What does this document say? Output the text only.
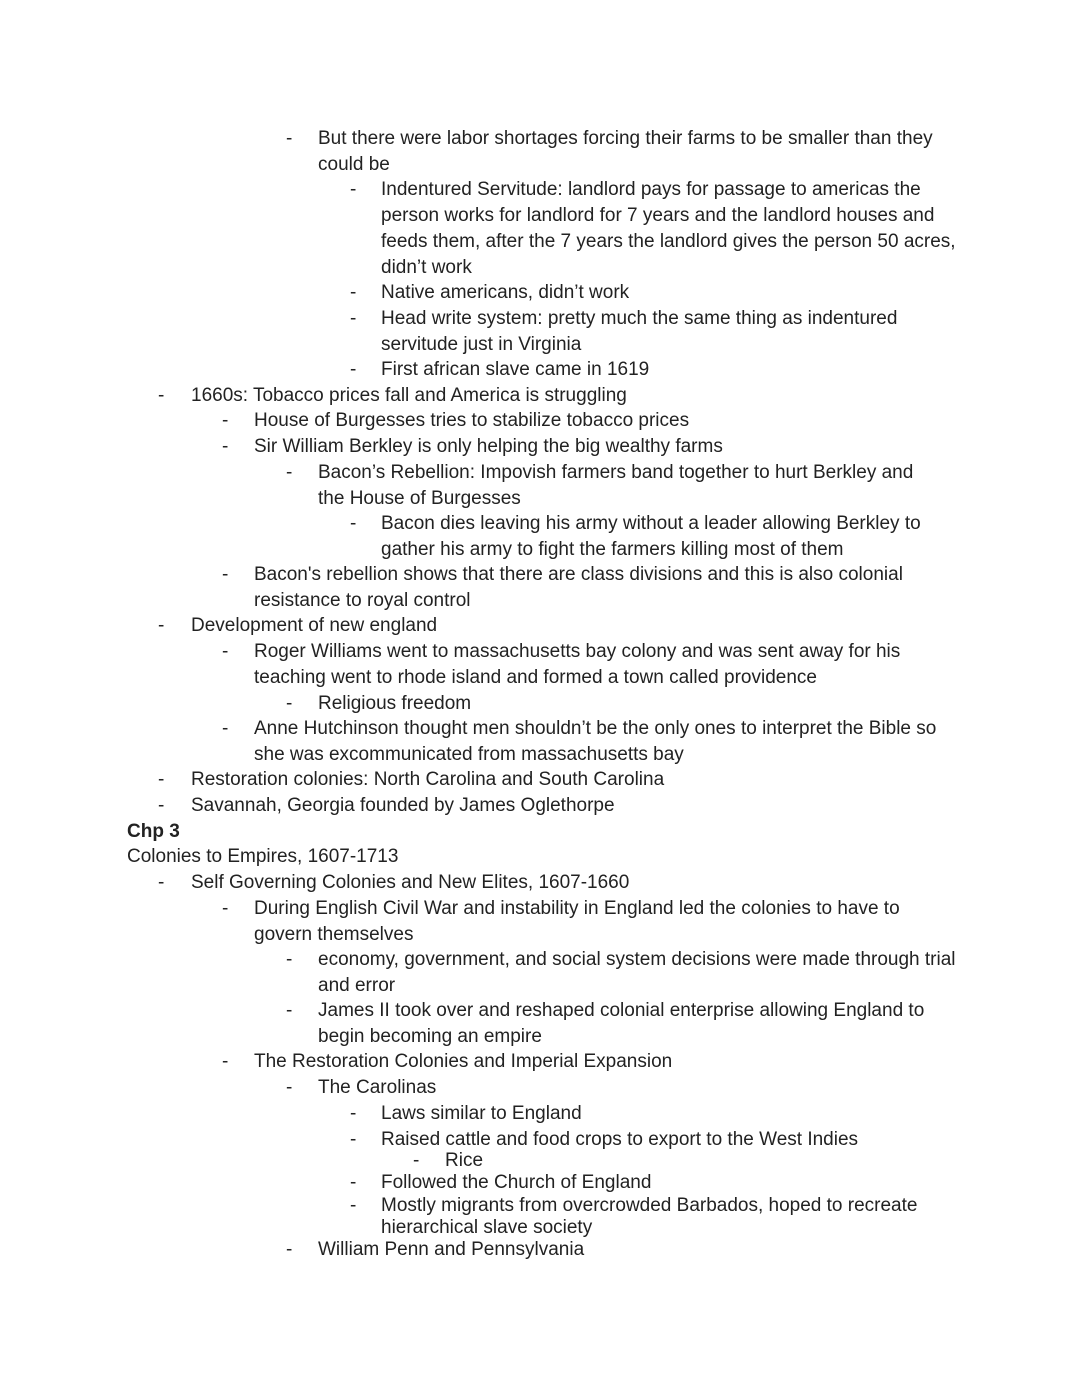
- But there were labor shortages forcing their farms to be smaller than they could be

- Indentured Servitude: landlord pays for passage to americas the person works for landlord for 7 years and the landlord houses and feeds them, after the 7 years the landlord gives the person 50 acres, didn’t work

- Native americans, didn’t work

- Head write system: pretty much the same thing as indentured servitude just in Virginia

- First african slave came in 1619

- 1660s: Tobacco prices fall and America is struggling

- House of Burgesses tries to stabilize tobacco prices

- Sir William Berkley is only helping the big wealthy farms

- Bacon’s Rebellion: Impovish farmers band together to hurt Berkley and the House of Burgesses

- Bacon dies leaving his army without a leader allowing Berkley to gather his army to fight the farmers killing most of them

- Bacon's rebellion shows that there are class divisions and this is also colonial resistance to royal control

- Development of new england

- Roger Williams went to massachusetts bay colony and was sent away for his teaching went to rhode island and formed a town called providence

- Religious freedom

- Anne Hutchinson thought men shouldn’t be the only ones to interpret the Bible so she was excommunicated from massachusetts bay

- Restoration colonies: North Carolina and South Carolina

- Savannah, Georgia founded by James Oglethorpe

Chp 3

Colonies to Empires, 1607-1713

- Self Governing Colonies and New Elites, 1607-1660

- During English Civil War and instability in England led the colonies to have to govern themselves

- economy, government, and social system decisions were made through trial and error

- James II took over and reshaped colonial enterprise allowing England to begin becoming an empire

- The Restoration Colonies and Imperial Expansion

- The Carolinas

- Laws similar to England

- Raised cattle and food crops to export to the West Indies

- Rice

- Followed the Church of England

- Mostly migrants from overcrowded Barbados, hoped to recreate hierarchical slave society

- William Penn and Pennsylvania
